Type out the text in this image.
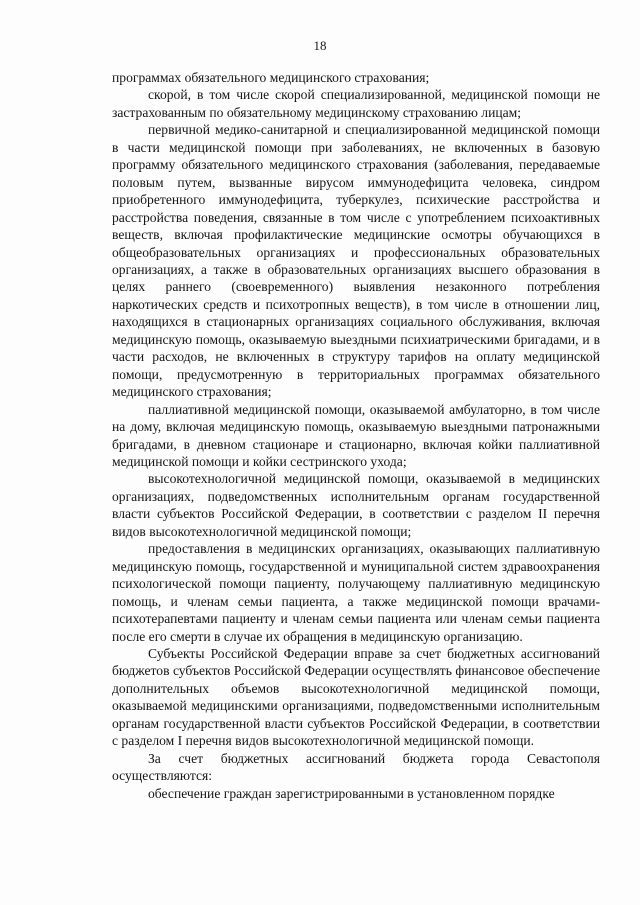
18

программах обязательного медицинского страхования;

скорой, в том числе скорой специализированной, медицинской помощи не застрахованным по обязательному медицинскому страхованию лицам;

первичной медико-санитарной и специализированной медицинской помощи в части медицинской помощи при заболеваниях, не включенных в базовую программу обязательного медицинского страхования (заболевания, передаваемые половым путем, вызванные вирусом иммунодефицита человека, синдром приобретенного иммунодефицита, туберкулез, психические расстройства и расстройства поведения, связанные в том числе с употреблением психоактивных веществ, включая профилактические медицинские осмотры обучающихся в общеобразовательных организациях и профессиональных образовательных организациях, а также в образовательных организациях высшего образования в целях раннего (своевременного) выявления незаконного потребления наркотических средств и психотропных веществ), в том числе в отношении лиц, находящихся в стационарных организациях социального обслуживания, включая медицинскую помощь, оказываемую выездными психиатрическими бригадами, и в части расходов, не включенных в структуру тарифов на оплату медицинской помощи, предусмотренную в территориальных программах обязательного медицинского страхования;

паллиативной медицинской помощи, оказываемой амбулаторно, в том числе на дому, включая медицинскую помощь, оказываемую выездными патронажными бригадами, в дневном стационаре и стационарно, включая койки паллиативной медицинской помощи и койки сестринского ухода;

высокотехнологичной медицинской помощи, оказываемой в медицинских организациях, подведомственных исполнительным органам государственной власти субъектов Российской Федерации, в соответствии с разделом II перечня видов высокотехнологичной медицинской помощи;

предоставления в медицинских организациях, оказывающих паллиативную медицинскую помощь, государственной и муниципальной систем здравоохранения психологической помощи пациенту, получающему паллиативную медицинскую помощь, и членам семьи пациента, а также медицинской помощи врачами-психотерапевтами пациенту и членам семьи пациента или членам семьи пациента после его смерти в случае их обращения в медицинскую организацию.

Субъекты Российской Федерации вправе за счет бюджетных ассигнований бюджетов субъектов Российской Федерации осуществлять финансовое обеспечение дополнительных объемов высокотехнологичной медицинской помощи, оказываемой медицинскими организациями, подведомственными исполнительным органам государственной власти субъектов Российской Федерации, в соответствии с разделом I перечня видов высокотехнологичной медицинской помощи.

За счет бюджетных ассигнований бюджета города Севастополя осуществляются:

обеспечение граждан зарегистрированными в установленном порядке
